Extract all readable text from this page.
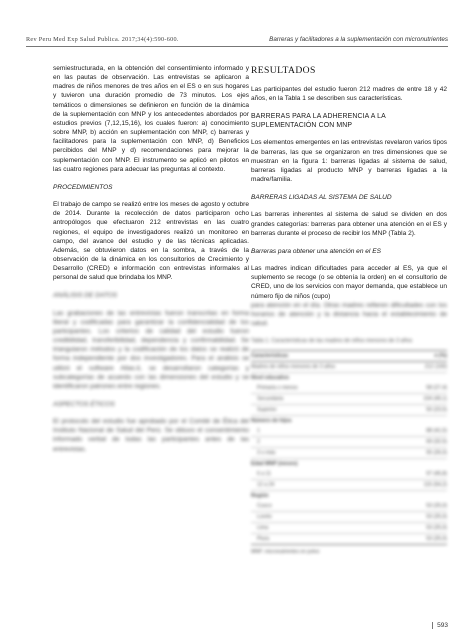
Rev Peru Med Exp Salud Publica. 2017;34(4):590-600.	Barreras y facilitadores a la suplementación con micronutrientes

semiestructurada, en la obtención del consentimiento informado y en las pautas de observación. Las entrevistas se aplicaron a madres de niños menores de tres años en el ES o en sus hogares y tuvieron una duración promedio de 73 minutos. Los ejes temáticos o dimensiones se definieron en función de la dinámica de la suplementación con MNP y los antecedentes abordados por estudios previos (7,12,15,16), los cuales fueron: a) conocimiento sobre MNP, b) acción en suplementación con MNP, c) barreras y facilitadores para la suplementación con MNP, d) Beneficios percibidos del MNP y d) recomendaciones para mejorar la suplementación con MNP. El instrumento se aplicó en pilotos en las cuatro regiones para adecuar las preguntas al contexto.

PROCEDIMIENTOS

El trabajo de campo se realizó entre los meses de agosto y octubre de 2014. Durante la recolección de datos participaron ocho antropólogos que efectuaron 212 entrevistas en las cuatro regiones, el equipo de investigadores realizó un monitoreo en campo, del avance del estudio y de las técnicas aplicadas. Además, se obtuvieron datos en la sombra, a través de la observación de la dinámica en los consultorios de Crecimiento y Desarrollo (CRED) e información con entrevistas informales al personal de salud que brindaba los MNP.

ANÁLISIS DE DATOS

Las grabaciones de las entrevistas fueron transcritas en forma literal y codificadas para garantizar la confidencialidad de los participantes. Los criterios de calidad del estudio fueron credibilidad, transferibilidad, dependencia y confirmabilidad. Se triangularon métodos y la codificación de los datos se realizó de forma independiente por dos investigadores. Para el análisis se utilizó el software Atlas.ti, se desarrollaron categorías y subcategorías de acuerdo con las dimensiones del estudio y se identificaron patrones entre regiones.

ASPECTOS ÉTICOS

El protocolo del estudio fue aprobado por el Comité de Ética del Instituto Nacional de Salud del Perú. Se obtuvo el consentimiento informado verbal de todas las participantes antes de las entrevistas.

RESULTADOS

Las participantes del estudio fueron 212 madres de entre 18 y 42 años, en la Tabla 1 se describen sus características.

BARRERAS PARA LA ADHERENCIA A LA SUPLEMENTACIÓN CON MNP

Los elementos emergentes en las entrevistas revelaron varios tipos de barreras, las que se organizaron en tres dimensiones que se muestran en la figura 1: barreras ligadas al sistema de salud, barreras ligadas al producto MNP y barreras ligadas a la madre/familia.

BARRERAS LIGADAS AL SISTEMA DE SALUD

Las barreras inherentes al sistema de salud se dividen en dos grandes categorías: barreras para obtener una atención en el ES y barreras durante el proceso de recibir los MNP (Tabla 2).

Barreras para obtener una atención en el ES

Las madres indican dificultades para acceder al ES, ya que el suplemento se recoge (o se obtenía la orden) en el consultorio de CRED, uno de los servicios con mayor demanda, que establece un número fijo de niños (cupo)

para atención en el día. Otras madres refieren dificultades con los horarios de atención y la distancia hacia el establecimiento de salud.

Tabla 1. Características de las madres de niños menores de 3 años
Características	n (%)
Madres de niños menores de 3 años	212 (100)
Nivel educativo
Primaria o menos	58 (27,4)
Secundaria	104 (49,1)
Superior	50 (23,5)
Número de hijos
1	88 (41,5)
2	69 (32,5)
3 o más	55 (26,0)
Edad MNP (meses)
6 a 11	97 (45,8)
12 a 24	115 (54,2)
Región
Cusco	53 (25,0)
Loreto	53 (25,0)
Lima	53 (25,0)
Piura	53 (25,0)
MNP: micronutrientes en polvo
593
